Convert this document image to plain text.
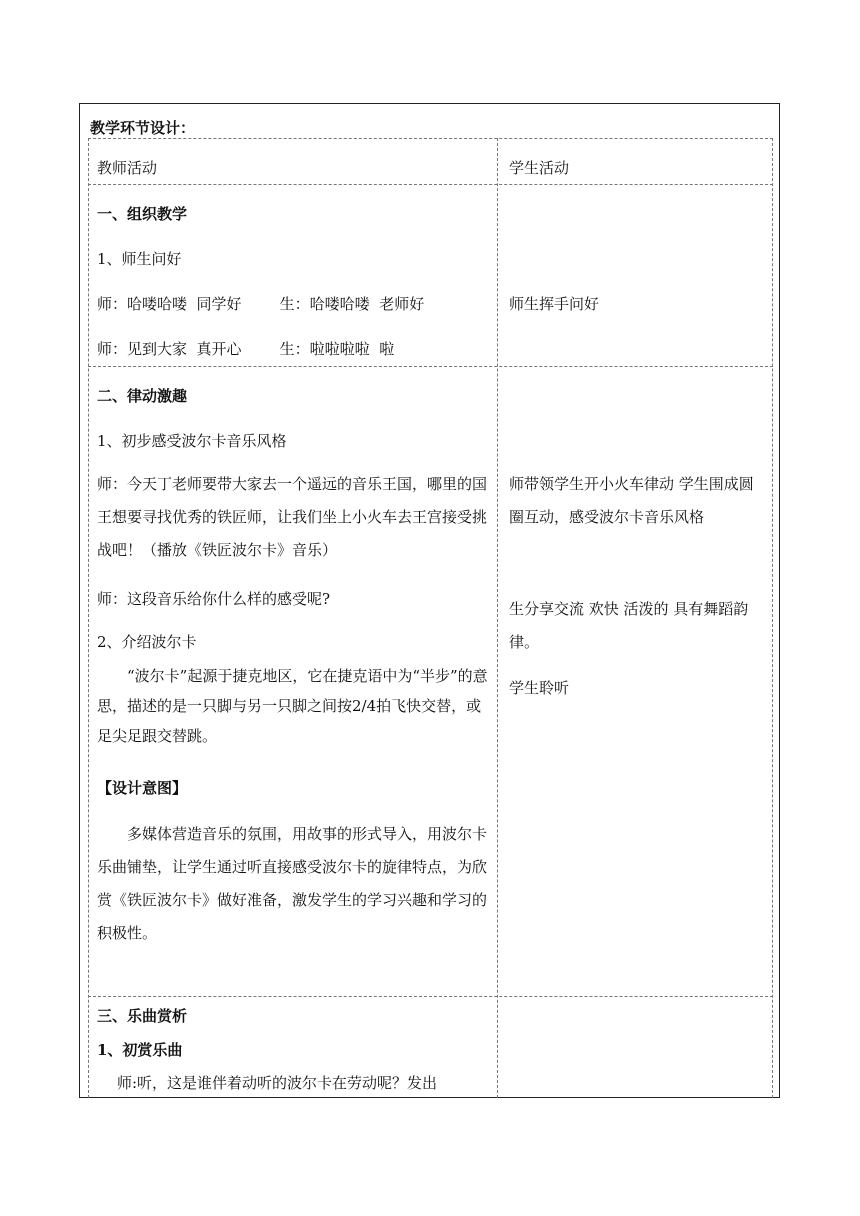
教学环节设计：
教师活动	学生活动
一、组织教学
1、师生问好
师：哈喽哈喽  同学好        生：哈喽哈喽  老师好
师：见到大家  真开心        生：啦啦啦啦  啦
师生挥手问好
二、律动激趣
1、初步感受波尔卡音乐风格
师：今天丁老师要带大家去一个遥远的音乐王国，哪里的国王想要寻找优秀的铁匠师，让我们坐上小火车去王宫接受挑战吧！（播放《铁匠波尔卡》音乐）
师：这段音乐给你什么样的感受呢?
2、介绍波尔卡
“波尔卡”起源于捷克地区，它在捷克语中为“半步”的意思，描述的是一只脚与另一只脚之间按2/4拍飞快交替，或足尖足跟交替跳。
【设计意图】
多媒体营造音乐的氛围，用故事的形式导入，用波尔卡乐曲铺垫，让学生通过听直接感受波尔卡的旋律特点，为欣赏《铁匠波尔卡》做好准备，激发学生的学习兴趣和学习的积极性。
师带领学生开小火车律动 学生围成圆圈互动，感受波尔卡音乐风格
生分享交流 欢快 活泼的 具有舞蹈韵律。
学生聆听
三、乐曲赏析
1、初赏乐曲
师:听，这是谁伴着动听的波尔卡在劳动呢？发出
